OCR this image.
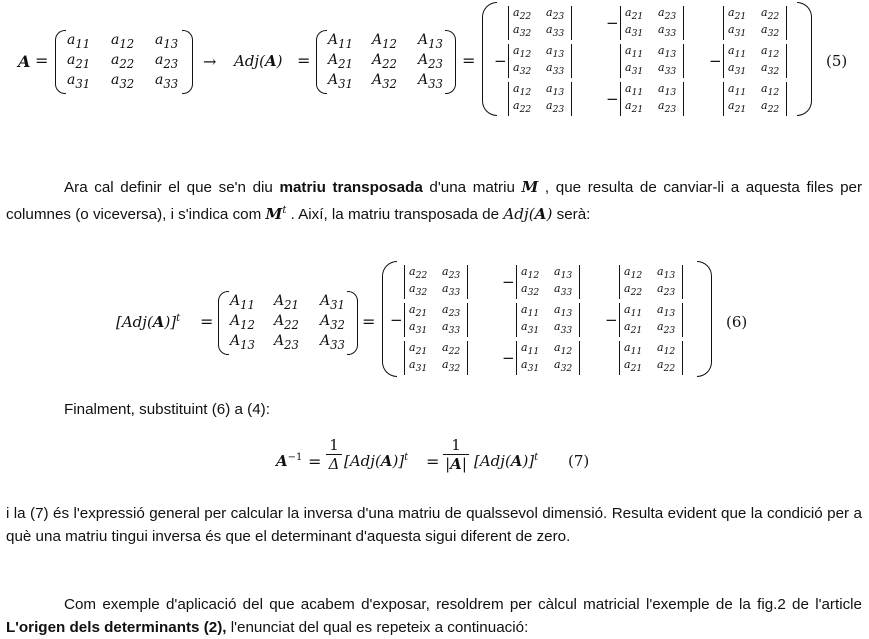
A =
$a_{11}$ $a_{12}$ $a_{13}$
$a_{21}$ $a_{22}$ $a_{23}$
$a_{31}$ $a_{32}$ $a_{33}$
→ Adj(A) =
$A_{11}$ $A_{12}$ $A_{13}$
$A_{21}$ $A_{22}$ $A_{23}$
$A_{31}$ $A_{32}$ $A_{33}$
=
$a_{22}$ $a_{23}$
$a_{32}$ $a_{33}$
−
$a_{21}$ $a_{23}$
$a_{31}$ $a_{33}$
$a_{21}$ $a_{22}$
$a_{31}$ $a_{32}$
−
$a_{12}$ $a_{13}$
$a_{32}$ $a_{33}$
$a_{11}$ $a_{13}$
$a_{31}$ $a_{33}$
−
$a_{11}$ $a_{12}$
$a_{31}$ $a_{32}$
$a_{12}$ $a_{13}$
$a_{22}$ $a_{23}$
−
$a_{11}$ $a_{13}$
$a_{21}$ $a_{23}$
$a_{11}$ $a_{12}$
$a_{21}$ $a_{22}$
(5)
Ara cal definir el que se'n diu matriu transposada d'una matriu M , que resulta de canviar-li a aquesta files per columnes (o viceversa), i s'indica com $M^t$ . Així, la matriu transposada de Adj(A) serà:
$[Adj(A)]^t$ =
$A_{11}$ $A_{21}$ $A_{31}$
$A_{12}$ $A_{22}$ $A_{32}$
$A_{13}$ $A_{23}$ $A_{33}$
=
$a_{22}$ $a_{23}$
$a_{32}$ $a_{33}$
−
$a_{12}$ $a_{13}$
$a_{32}$ $a_{33}$
$a_{12}$ $a_{13}$
$a_{22}$ $a_{23}$
−
$a_{21}$ $a_{23}$
$a_{31}$ $a_{33}$
$a_{11}$ $a_{13}$
$a_{31}$ $a_{33}$
−
$a_{11}$ $a_{13}$
$a_{21}$ $a_{23}$
$a_{21}$ $a_{22}$
$a_{31}$ $a_{32}$
−
$a_{11}$ $a_{12}$
$a_{31}$ $a_{32}$
$a_{11}$ $a_{12}$
$a_{21}$ $a_{22}$
(6)
Finalment, substituint (6) a (4):
$A^{-1} = \frac{1}{\Delta} [Adj(A)]^t = \frac{1}{|A|} [Adj(A)]^t$ (7)
i la (7) és l'expressió general per calcular la inversa d'una matriu de qualssevol dimensió. Resulta evident que la condició per a què una matriu tingui inversa és que el determinant d'aquesta sigui diferent de zero.
Com exemple d'aplicació del que acabem d'exposar, resoldrem per càlcul matricial l'exemple de la fig.2 de l'article L'origen dels determinants (2), l'enunciat del qual es repeteix a continuació:
